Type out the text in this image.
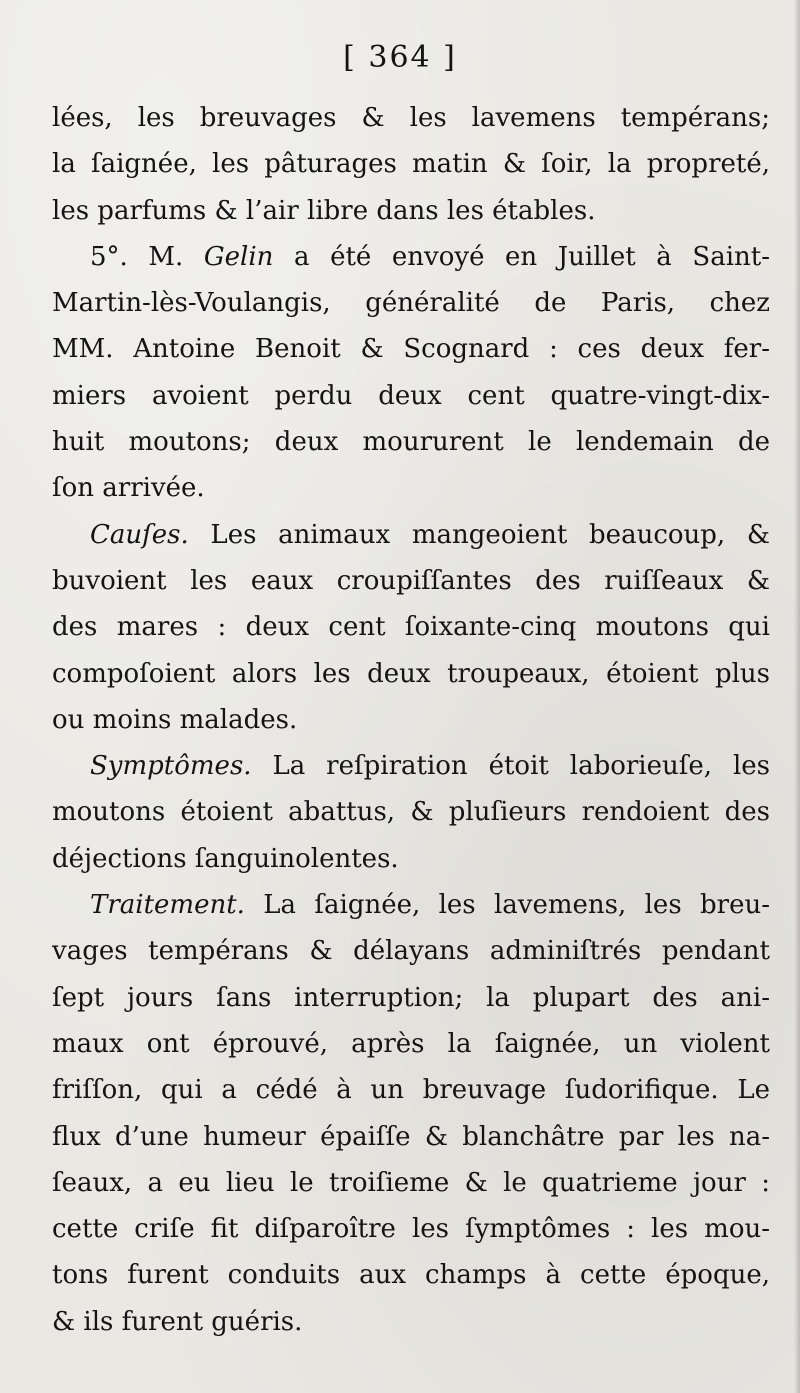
[ 364 ]
lées, les breuvages & les lavemens tempérans;
la ſaignée, les pâturages matin & ſoir, la propreté,
les parfums & l’air libre dans les étables.
5°. M. Gelin a été envoyé en Juillet à Saint-
Martin-lès-Voulangis, généralité de Paris, chez
MM. Antoine Benoit & Scognard : ces deux fer-
miers avoient perdu deux cent quatre-vingt-dix-
huit moutons; deux moururent le lendemain de
ſon arrivée.
Cauſes. Les animaux mangeoient beaucoup, &
buvoient les eaux croupiſſantes des ruiſſeaux &
des mares : deux cent ſoixante-cinq moutons qui
compoſoient alors les deux troupeaux, étoient plus
ou moins malades.
Symptômes. La reſpiration étoit laborieuſe, les
moutons étoient abattus, & pluſieurs rendoient des
déjections ſanguinolentes.
Traitement. La ſaignée, les lavemens, les breu-
vages tempérans & délayans adminiſtrés pendant
ſept jours ſans interruption; la plupart des ani-
maux ont éprouvé, après la ſaignée, un violent
friſſon, qui a cédé à un breuvage ſudorifique. Le
flux d’une humeur épaiſſe & blanchâtre par les na-
ſeaux, a eu lieu le troiſieme & le quatrieme jour :
cette criſe fit diſparoître les ſymptômes : les mou-
tons furent conduits aux champs à cette époque,
& ils furent guéris.
